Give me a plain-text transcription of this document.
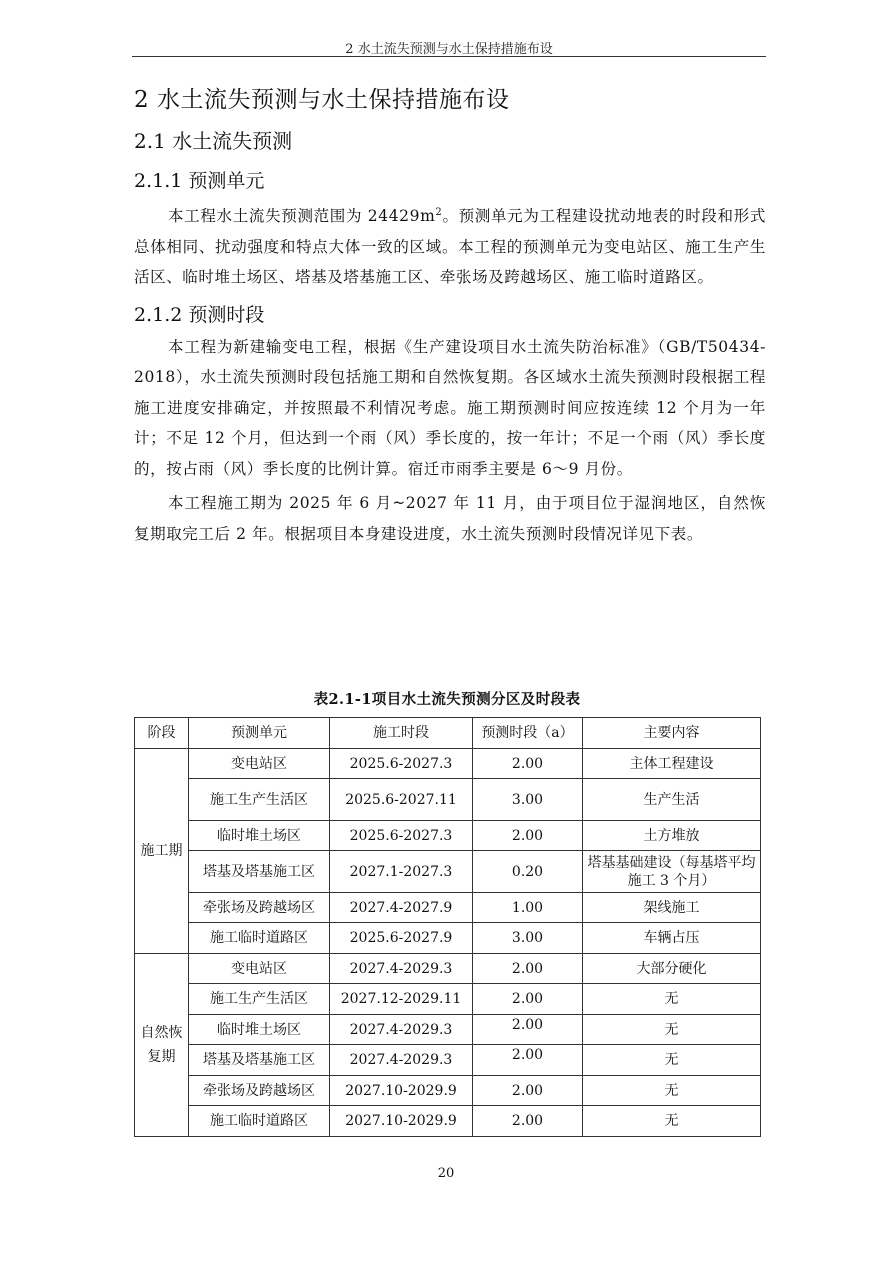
2 水土流失预测与水土保持措施布设
2 水土流失预测与水土保持措施布设
2.1 水土流失预测
2.1.1 预测单元

本工程水土流失预测范围为 $24429m^2$。预测单元为工程建设扰动地表的时段和形式总体相同、扰动强度和特点大体一致的区域。本工程的预测单元为变电站区、施工生产生活区、临时堆土场区、塔基及塔基施工区、牵张场及跨越场区、施工临时道路区。

2.1.2 预测时段

本工程为新建输变电工程，根据《生产建设项目水土流失防治标准》（GB/T50434-2018），水土流失预测时段包括施工期和自然恢复期。各区域水土流失预测时段根据工程施工进度安排确定，并按照最不利情况考虑。施工期预测时间应按连续 12 个月为一年计；不足 12 个月，但达到一个雨（风）季长度的，按一年计；不足一个雨（风）季长度的，按占雨（风）季长度的比例计算。宿迁市雨季主要是 6～9 月份。

本工程施工期为 2025 年 6 月~2027 年 11 月，由于项目位于湿润地区，自然恢复期取完工后 2 年。根据项目本身建设进度，水土流失预测时段情况详见下表。

表2.1-1项目水土流失预测分区及时段表
阶段	预测单元	施工时段	预测时段（a）	主要内容
施工期	变电站区	2025.6-2027.3	2.00	主体工程建设
	施工生产生活区	2025.6-2027.11	3.00	生产生活
	临时堆土场区	2025.6-2027.3	2.00	土方堆放
	塔基及塔基施工区	2027.1-2027.3	0.20	塔基基础建设（每基塔平均施工 3 个月）
	牵张场及跨越场区	2027.4-2027.9	1.00	架线施工
	施工临时道路区	2025.6-2027.9	3.00	车辆占压
自然恢复期	变电站区	2027.4-2029.3	2.00	大部分硬化
	施工生产生活区	2027.12-2029.11	2.00	无
	临时堆土场区	2027.4-2029.3	2.00	无
	塔基及塔基施工区	2027.4-2029.3	2.00	无
	牵张场及跨越场区	2027.10-2029.9	2.00	无
	施工临时道路区	2027.10-2029.9	2.00	无
20
